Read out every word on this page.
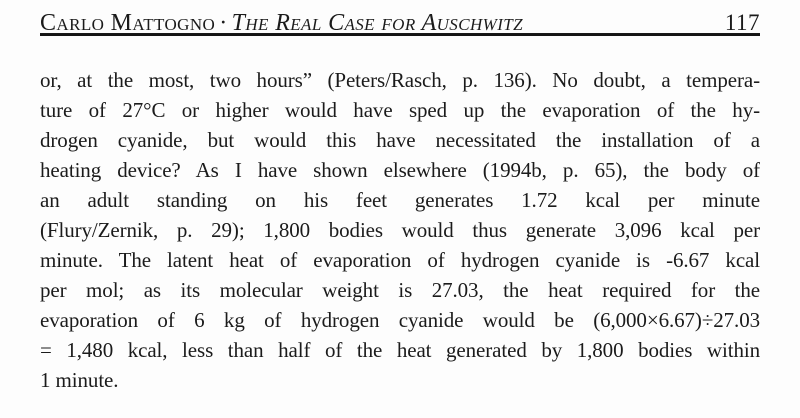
Carlo Mattogno · The Real Case for Auschwitz	117
or, at the most, two hours” (Peters/Rasch, p. 136). No doubt, a tempera-
ture of 27°C or higher would have sped up the evaporation of the hy-
drogen cyanide, but would this have necessitated the installation of a
heating device? As I have shown elsewhere (1994b, p. 65), the body of
an adult standing on his feet generates 1.72 kcal per minute
(Flury/Zernik, p. 29); 1,800 bodies would thus generate 3,096 kcal per
minute. The latent heat of evaporation of hydrogen cyanide is -6.67 kcal
per mol; as its molecular weight is 27.03, the heat required for the
evaporation of 6 kg of hydrogen cyanide would be (6,000×6.67)÷27.03
= 1,480 kcal, less than half of the heat generated by 1,800 bodies within
1 minute.
